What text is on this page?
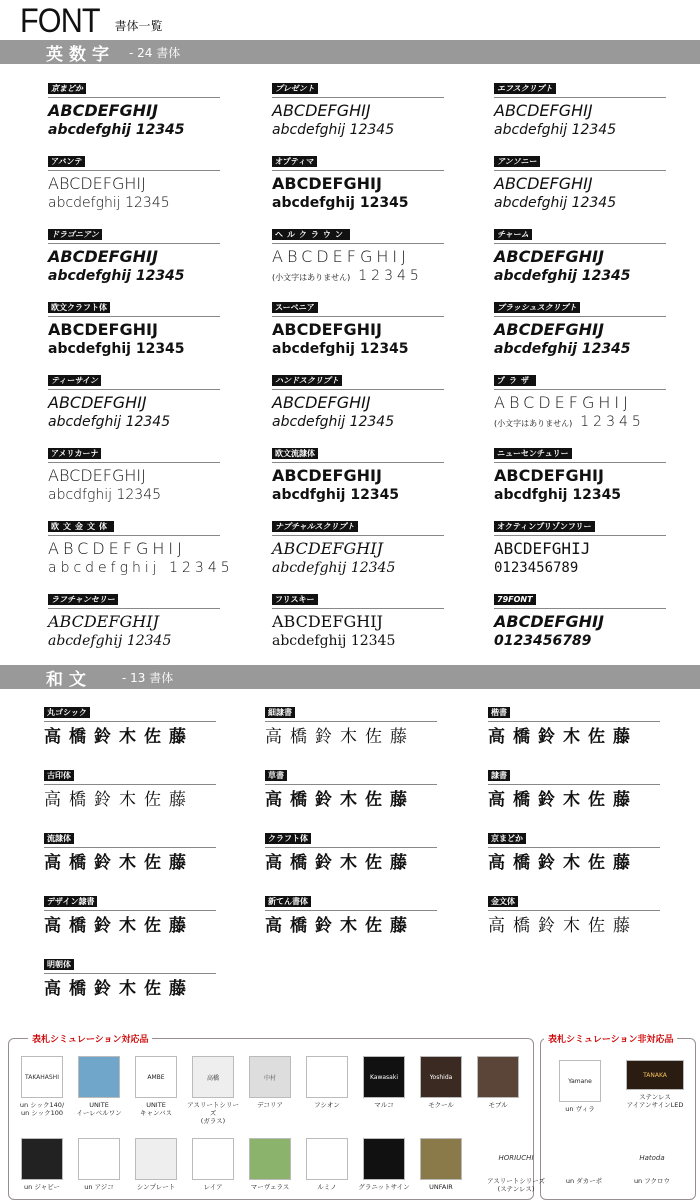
FONT 書体一覧
英数字 - 24 書体
京まどか
ABCDEFGHIJ
abcdefghij 12345
プレゼント
ABCDEFGHIJ
abcdefghij 12345
エフスクリプト
ABCDEFGHIJ
abcdefghij 12345
アバンテ
ABCDEFGHIJ
abcdefghij 12345
オプティマ
ABCDEFGHIJ
abcdefghij 12345
アンソニー
ABCDEFGHIJ
abcdefghij 12345
ドラゴニアン
ABCDEFGHIJ
abcdefghij 12345
ヘルクラウン
ABCDEFGHIJ
(小文字はありません) 12345
チャーム
ABCDEFGHIJ
abcdefghij 12345
欧文クラフト体
ABCDEFGHIJ
abcdefghij 12345
スーベニア
ABCDEFGHIJ
abcdefghij 12345
ブラッシュスクリプト
ABCDEFGHIJ
abcdefghij 12345
ティーサイン
ABCDEFGHIJ
abcdefghij 12345
ハンドスクリプト
ABCDEFGHIJ
abcdefghij 12345
プラザ
ABCDEFGHIJ
(小文字はありません) 12345
アメリカーナ
ABCDEFGHIJ
abcdfghij 12345
欧文流隷体
ABCDEFGHIJ
abcdfghij 12345
ニューセンチュリー
ABCDEFGHIJ
abcdfghij 12345
欧文金文体
ABCDEFGHIJ
abcdefghij 12345
ナプチャルスクリプト
ABCDEFGHIJ
abcdefghij 12345
オクティンプリゾンフリー
ABCDEFGHIJ
0123456789
ラフチャンセリー
ABCDEFGHIJ
abcdefghij 12345
フリスキー
ABCDEFGHIJ
abcdefghij 12345
79FONT
ABCDEFGHIJ
0123456789
和文	- 13 書体
丸ゴシック
高橋鈴木佐藤
細隷書
高橋鈴木佐藤
楷書
高橋鈴木佐藤
古印体
高橋鈴木佐藤
草書
高橋鈴木佐藤
隷書
高橋鈴木佐藤
流隷体
高橋鈴木佐藤
クラフト体
高橋鈴木佐藤
京まどか
高橋鈴木佐藤
デザイン隷書
高橋鈴木佐藤
新てん書体
高橋鈴木佐藤
金文体
高橋鈴木佐藤
明朝体
高橋鈴木佐藤
表札シミュレーション対応品	表札シミュレーション非対応品
TAKAHASHI
un シック140/
un シック100
UNITE
イーレベルワン
AMBE
UNITE
キャンバス
高橋
アスリートシリーズ
(ガラス)
中村
デコリア	フシオン
Kawasaki
マルコ
Yoshida
モクール	モブル
un ジャビー	un アジコ	シンプレート	レイア	マーヴェラス	ルミノ	グラニットサイン	UNFAIR
Yamane
un ヴィラ
TANAKA
ステンレス
アイアンサインLED
HORIUCHI
アスリートシリーズ
(ステンレス)
un ダカーポ
Hatoda
un フクロウ
